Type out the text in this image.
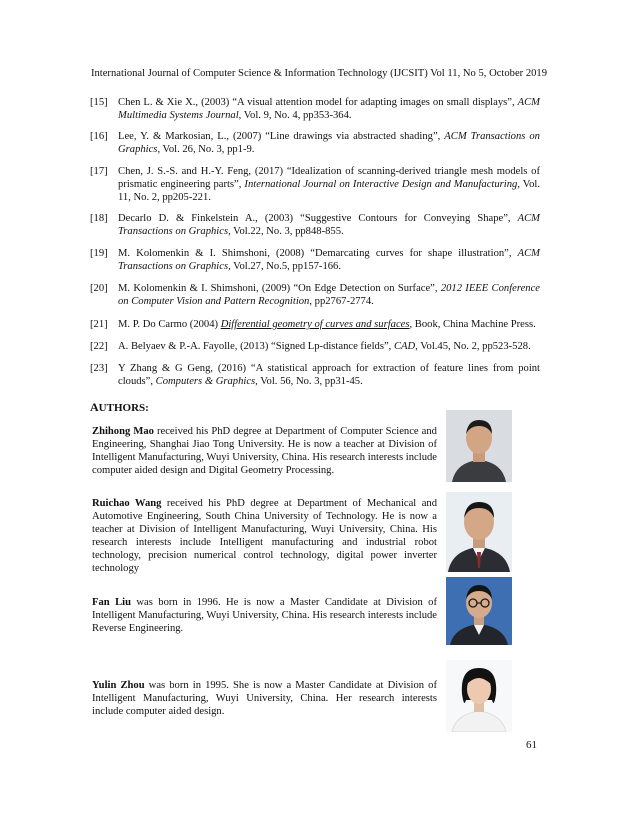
International Journal of Computer Science & Information Technology (IJCSIT) Vol 11, No 5, October 2019
[15] Chen L. & Xie X., (2003) “A visual attention model for adapting images on small displays”, ACM Multimedia Systems Journal, Vol. 9, No. 4, pp353-364.
[16] Lee, Y. & Markosian, L., (2007) “Line drawings via abstracted shading”, ACM Transactions on Graphics, Vol. 26, No. 3, pp1-9.
[17] Chen, J. S.-S. and H.-Y. Feng, (2017) “Idealization of scanning-derived triangle mesh models of prismatic engineering parts”, International Journal on Interactive Design and Manufacturing, Vol. 11, No. 2, pp205-221.
[18] Decarlo D. & Finkelstein A., (2003) “Suggestive Contours for Conveying Shape”, ACM Transactions on Graphics, Vol.22, No. 3, pp848-855.
[19] M. Kolomenkin & I. Shimshoni, (2008) “Demarcating curves for shape illustration”, ACM Transactions on Graphics, Vol.27, No.5, pp157-166.
[20] M. Kolomenkin & I. Shimshoni, (2009) “On Edge Detection on Surface”, 2012 IEEE Conference on Computer Vision and Pattern Recognition, pp2767-2774.
[21] M. P. Do Carmo (2004) Differential geometry of curves and surfaces, Book, China Machine Press.
[22] A. Belyaev & P.-A. Fayolle, (2013) “Signed Lp-distance fields”, CAD, Vol.45, No. 2, pp523-528.
[23] Y Zhang & G Geng, (2016) “A statistical approach for extraction of feature lines from point clouds”, Computers & Graphics, Vol. 56, No. 3, pp31-45.
AUTHORS:
Zhihong Mao received his PhD degree at Department of Computer Science and Engineering, Shanghai Jiao Tong University. He is now a teacher at Division of Intelligent Manufacturing, Wuyi University, China. His research interests include computer aided design and Digital Geometry Processing.
Ruichao Wang received his PhD degree at Department of Mechanical and Automotive Engineering, South China University of Technology. He is now a teacher at Division of Intelligent Manufacturing, Wuyi University, China. His research interests include Intelligent manufacturing and industrial robot technology, precision numerical control technology, digital power inverter technology
Fan Liu was born in 1996. He is now a Master Candidate at Division of Intelligent Manufacturing, Wuyi University, China. His research interests include Reverse Engineering.
Yulin Zhou was born in 1995. She is now a Master Candidate at Division of Intelligent Manufacturing, Wuyi University, China. Her research interests include computer aided design.
61
